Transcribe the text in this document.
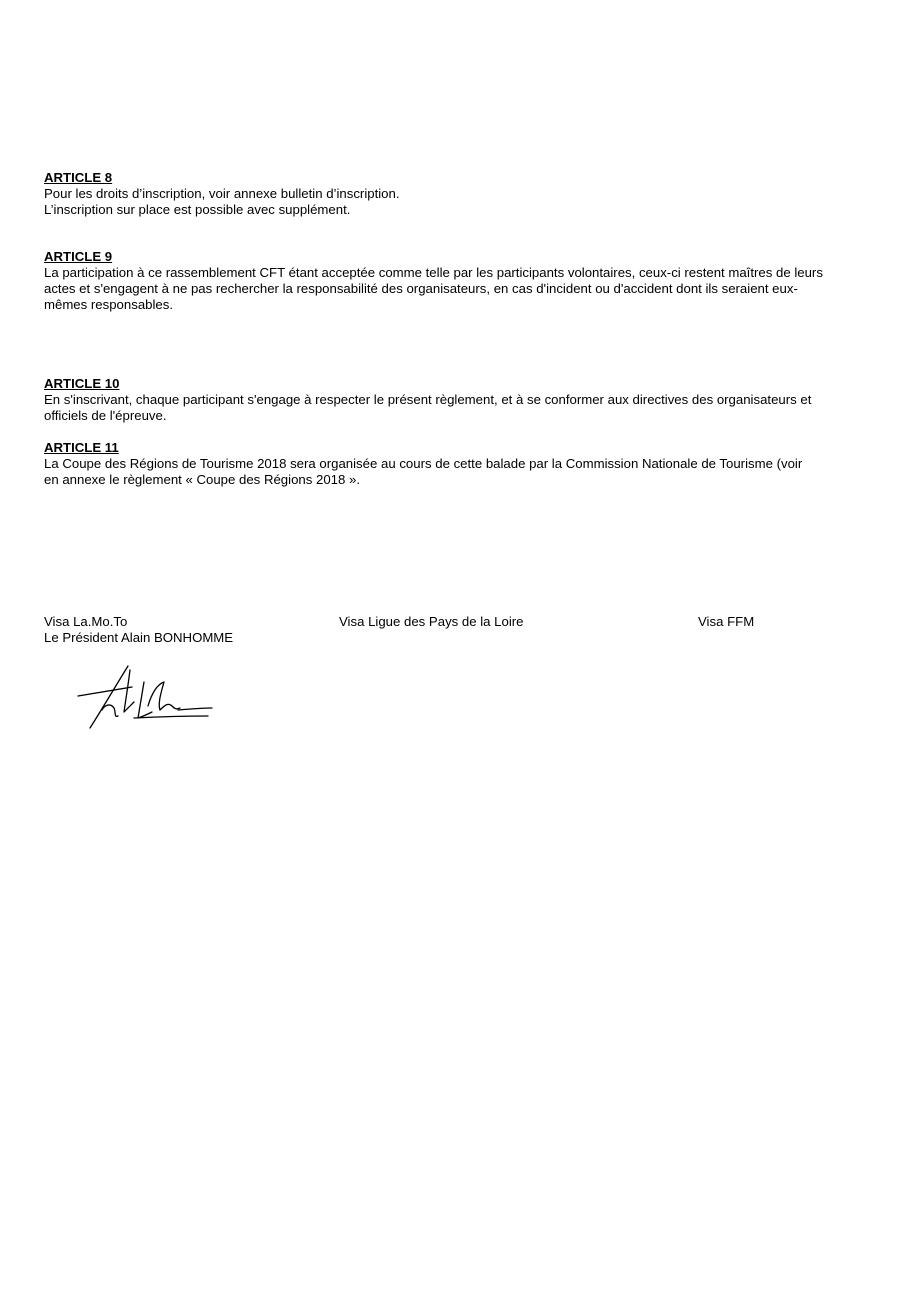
ARTICLE 8
Pour les droits d’inscription, voir annexe bulletin d’inscription.
L’inscription sur place est possible avec supplément.
ARTICLE 9
La participation à ce rassemblement CFT étant acceptée comme telle par les participants volontaires, ceux-ci restent maîtres de leurs
actes et s'engagent à ne pas rechercher la responsabilité des organisateurs, en cas d'incident ou d'accident dont ils seraient eux-
mêmes responsables.
ARTICLE 10
En s'inscrivant, chaque participant s'engage à respecter le présent règlement, et à se conformer aux directives des organisateurs et
officiels de l'épreuve.
ARTICLE 11
La Coupe des Régions de Tourisme 2018 sera organisée au cours de cette balade par la Commission Nationale de Tourisme (voir
en annexe le règlement « Coupe des Régions 2018 ».
Visa La.Mo.To
Le Président Alain BONHOMME
Visa Ligue des Pays de la Loire	Visa FFM
